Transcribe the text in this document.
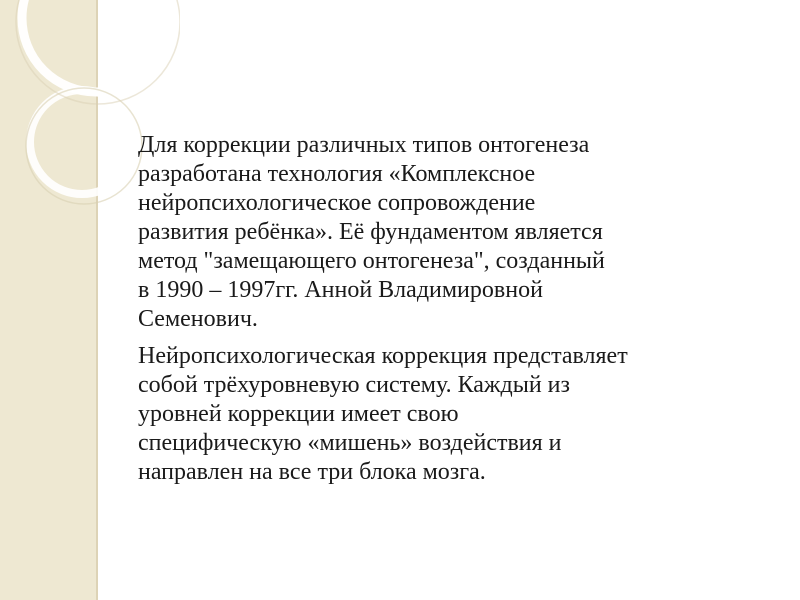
Для коррекции различных типов онтогенеза
разработана технология «Комплексное
нейропсихологическое сопровождение
развития ребёнка». Её фундаментом является
метод "замещающего онтогенеза", созданный
в 1990 – 1997гг. Анной Владимировной
Семенович.
Нейропсихологическая коррекция представляет
собой трёхуровневую систему. Каждый из
уровней коррекции имеет свою
специфическую «мишень» воздействия и
направлен на все три блока мозга.
